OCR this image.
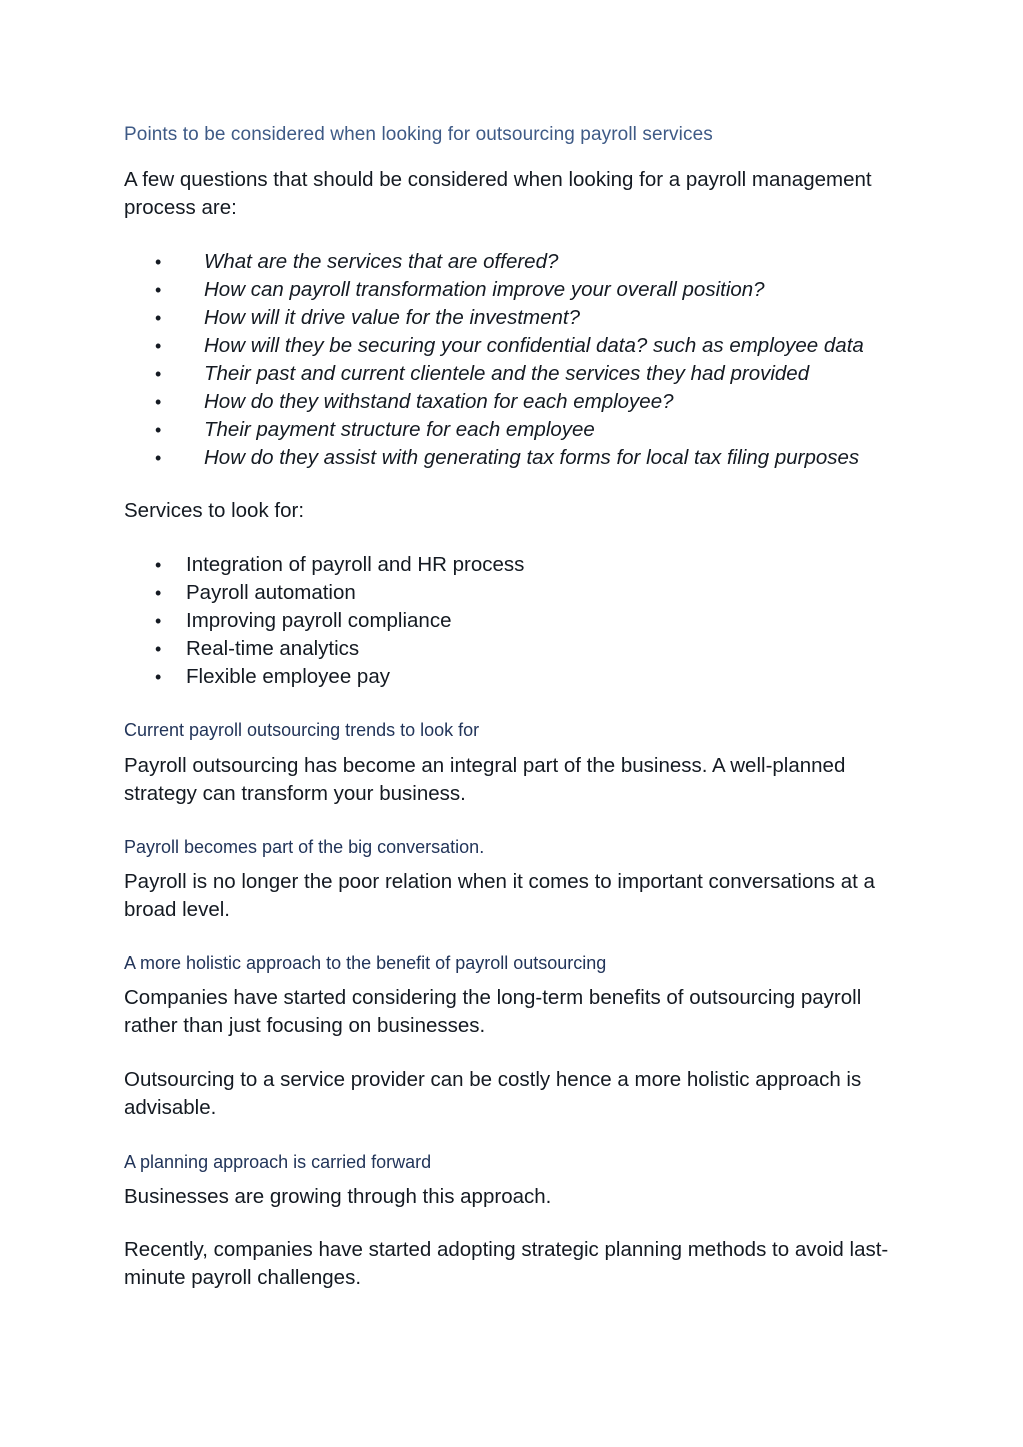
Points to be considered when looking for outsourcing payroll services
A few questions that should be considered when looking for a payroll management process are:
• What are the services that are offered?
• How can payroll transformation improve your overall position?
• How will it drive value for the investment?
• How will they be securing your confidential data? such as employee data
• Their past and current clientele and the services they had provided
• How do they withstand taxation for each employee?
• Their payment structure for each employee
• How do they assist with generating tax forms for local tax filing purposes
Services to look for:
• Integration of payroll and HR process
• Payroll automation
• Improving payroll compliance
• Real-time analytics
• Flexible employee pay
Current payroll outsourcing trends to look for
Payroll outsourcing has become an integral part of the business. A well-planned strategy can transform your business.
Payroll becomes part of the big conversation.
Payroll is no longer the poor relation when it comes to important conversations at a broad level.
A more holistic approach to the benefit of payroll outsourcing
Companies have started considering the long-term benefits of outsourcing payroll rather than just focusing on businesses.
Outsourcing to a service provider can be costly hence a more holistic approach is advisable.
A planning approach is carried forward
Businesses are growing through this approach.
Recently, companies have started adopting strategic planning methods to avoid last-minute payroll challenges.
